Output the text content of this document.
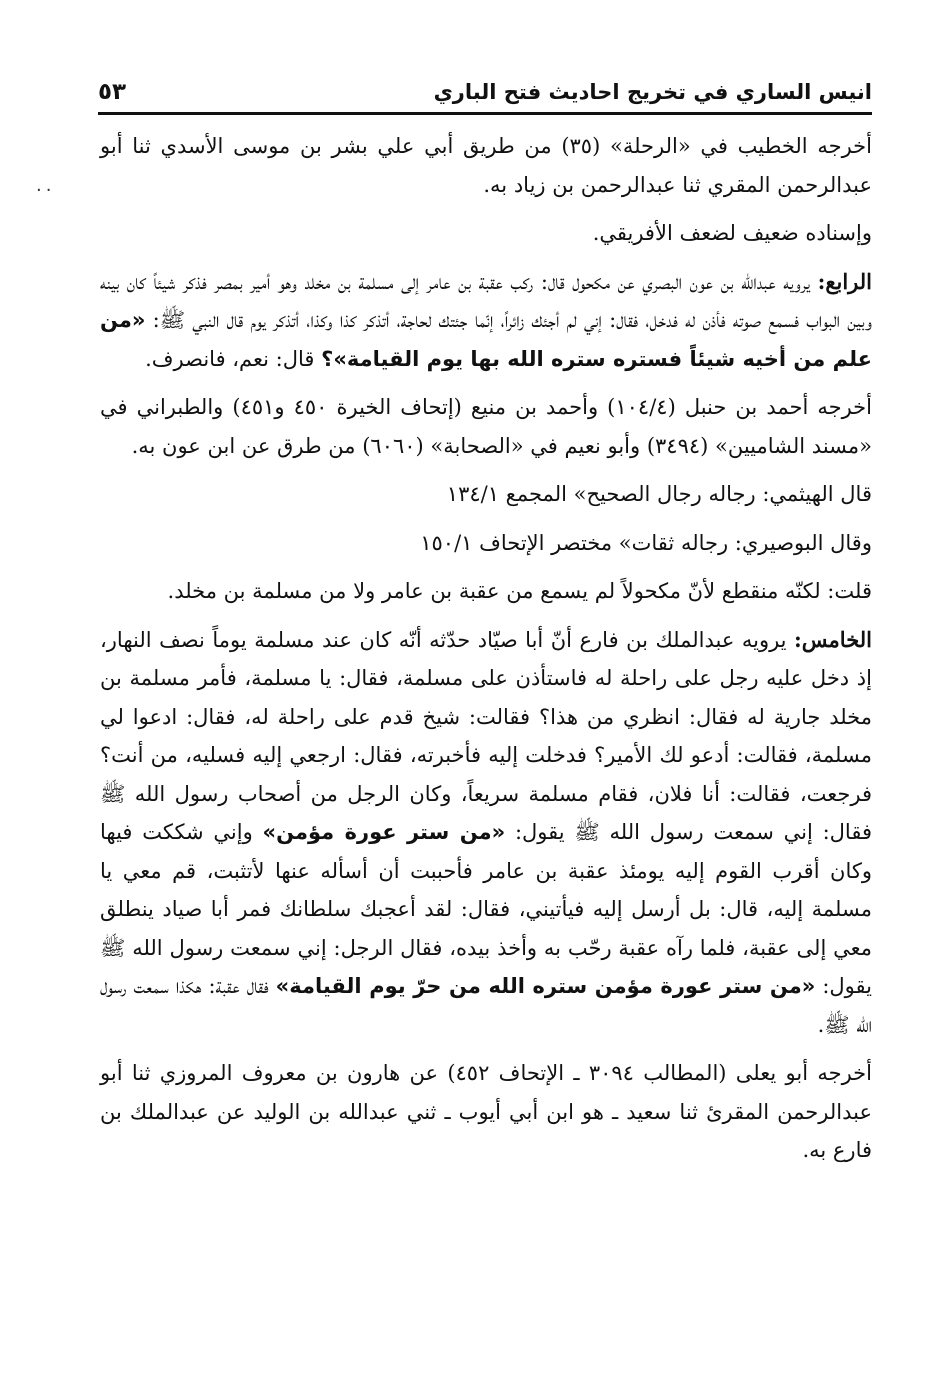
··
انيس الساري في تخريج احاديث فتح الباري
٥٣

أخرجه الخطيب في «الرحلة» (٣٥) من طريق أبي علي بشر بن موسى الأسدي ثنا أبو عبدالرحمن المقري ثنا عبدالرحمن بن زياد به.

وإسناده ضعيف لضعف الأفريقي.

الرابع: يرويه عبدالله بن عون البصري عن مكحول قال: ركب عقبة بن عامر إلى مسلمة بن مخلد وهو أمير بمصر فذكر شيئاً كان بينه وبين البواب فسمع صوته فأذن له فدخل، فقال: إني لم أجئك زائراً، إنّما جئتك لحاجة، أتذكر كذا وكذا، أتذكر يوم قال النبي ﷺ: «من علم من أخيه شيئاً فستره ستره الله بها يوم القيامة»؟ قال: نعم، فانصرف.

أخرجه أحمد بن حنبل (١٠٤/٤) وأحمد بن منيع (إتحاف الخيرة ٤٥٠ و٤٥١) والطبراني في «مسند الشاميين» (٣٤٩٤) وأبو نعيم في «الصحابة» (٦٠٦٠) من طرق عن ابن عون به.

قال الهيثمي: رجاله رجال الصحيح» المجمع ١٣٤/١

وقال البوصيري: رجاله ثقات» مختصر الإتحاف ١٥٠/١

قلت: لكنّه منقطع لأنّ مكحولاً لم يسمع من عقبة بن عامر ولا من مسلمة بن مخلد.

الخامس: يرويه عبدالملك بن فارع أنّ أبا صيّاد حدّثه أنّه كان عند مسلمة يوماً نصف النهار، إذ دخل عليه رجل على راحلة له فاستأذن على مسلمة، فقال: يا مسلمة، فأمر مسلمة بن مخلد جارية له فقال: انظري من هذا؟ فقالت: شيخ قدم على راحلة له، فقال: ادعوا لي مسلمة، فقالت: أدعو لك الأمير؟ فدخلت إليه فأخبرته، فقال: ارجعي إليه فسليه، من أنت؟ فرجعت، فقالت: أنا فلان، فقام مسلمة سريعاً، وكان الرجل من أصحاب رسول الله ﷺ فقال: إني سمعت رسول الله ﷺ يقول: «من ستر عورة مؤمن» وإني شككت فيها وكان أقرب القوم إليه يومئذ عقبة بن عامر فأحببت أن أسأله عنها لأتثبت، قم معي يا مسلمة إليه، قال: بل أرسل إليه فيأتيني، فقال: لقد أعجبك سلطانك فمر أبا صياد ينطلق معي إلى عقبة، فلما رآه عقبة رحّب به وأخذ بيده، فقال الرجل: إني سمعت رسول الله ﷺ يقول: «من ستر عورة مؤمن ستره الله من حرّ يوم القيامة» فقال عقبة: هكذا سمعت رسول الله ﷺ.

أخرجه أبو يعلى (المطالب ٣٠٩٤ ـ الإتحاف ٤٥٢) عن هارون بن معروف المروزي ثنا أبو عبدالرحمن المقرئ ثنا سعيد ـ هو ابن أبي أيوب ـ ثني عبدالله بن الوليد عن عبدالملك بن فارع به.
